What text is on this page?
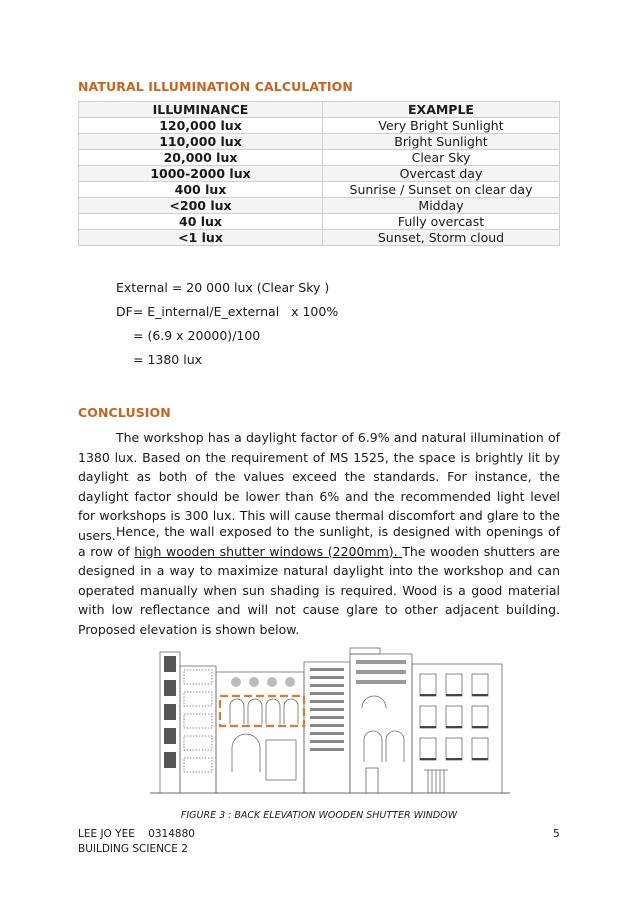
NATURAL ILLUMINATION CALCULATION
ILLUMINANCE	EXAMPLE
120,000 lux	Very Bright Sunlight
110,000 lux	Bright Sunlight
20,000 lux	Clear Sky
1000-2000 lux	Overcast day
400 lux	Sunrise / Sunset on clear day
<200 lux	Midday
40 lux	Fully overcast
<1 lux	Sunset, Storm cloud
External = 20 000 lux (Clear Sky )
DF= E_internal/E_external   x 100%
= (6.9 x 20000)/100
= 1380 lux
CONCLUSION

The workshop has a daylight factor of 6.9% and natural illumination of 1380 lux. Based on the requirement of MS 1525, the space is brightly lit by daylight as both of the values exceed the standards. For instance, the daylight factor should be lower than 6% and the recommended light level for workshops is 300 lux. This will cause thermal discomfort and glare to the users. Hence, the wall exposed to the sunlight, is designed with openings of a row of high wooden shutter windows (2200mm). The wooden shutters are designed in a way to maximize natural daylight into the workshop and can operated manually when sun shading is required. Wood is a good material with low reflectance and will not cause glare to other adjacent building. Proposed elevation is shown below.

FIGURE 3 : BACK ELEVATION WOODEN SHUTTER WINDOW
LEE JO YEE    0314880
BUILDING SCIENCE 2
5
